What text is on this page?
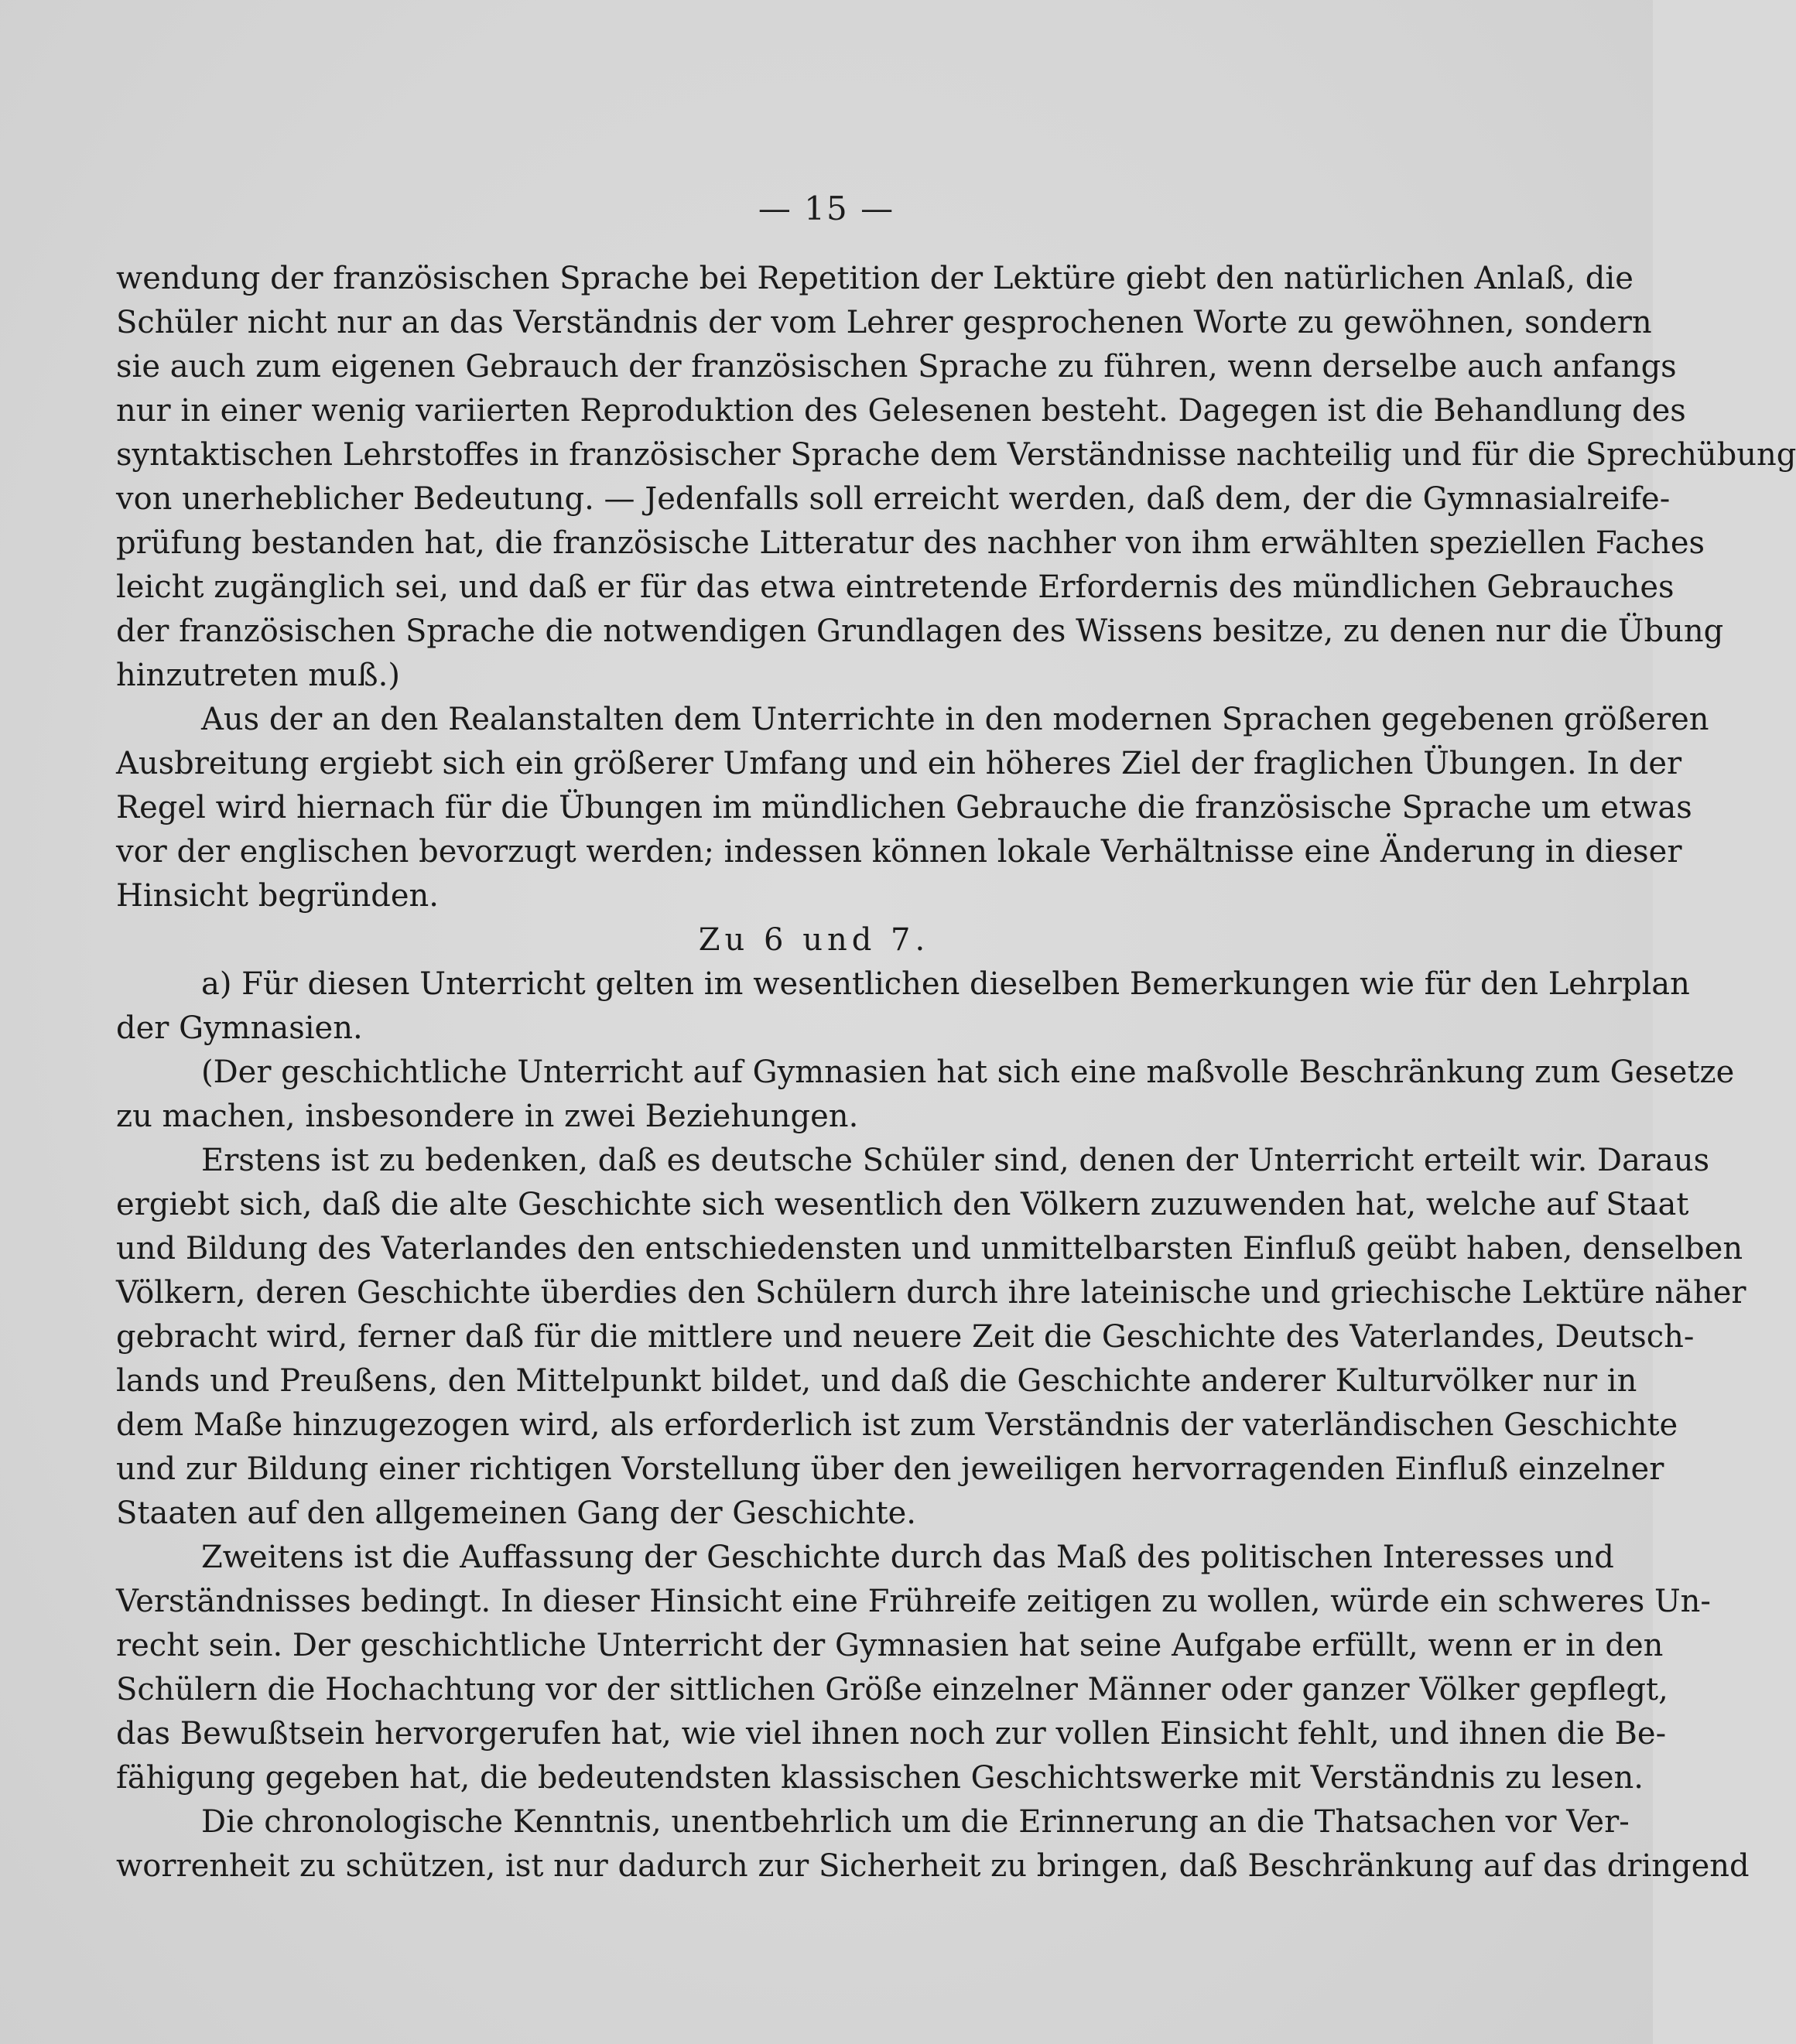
— 15 —

wendung der französischen Sprache bei Repetition der Lektüre giebt den natürlichen Anlaß, die
Schüler nicht nur an das Verständnis der vom Lehrer gesprochenen Worte zu gewöhnen, sondern
sie auch zum eigenen Gebrauch der französischen Sprache zu führen, wenn derselbe auch anfangs
nur in einer wenig variierten Reproduktion des Gelesenen besteht. Dagegen ist die Behandlung des
syntaktischen Lehrstoffes in französischer Sprache dem Verständnisse nachteilig und für die Sprechübung
von unerheblicher Bedeutung. — Jedenfalls soll erreicht werden, daß dem, der die Gymnasialreife-
prüfung bestanden hat, die französische Litteratur des nachher von ihm erwählten speziellen Faches
leicht zugänglich sei, und daß er für das etwa eintretende Erfordernis des mündlichen Gebrauches
der französischen Sprache die notwendigen Grundlagen des Wissens besitze, zu denen nur die Übung
hinzutreten muß.)

Aus der an den Realanstalten dem Unterrichte in den modernen Sprachen gegebenen größeren
Ausbreitung ergiebt sich ein größerer Umfang und ein höheres Ziel der fraglichen Übungen. In der
Regel wird hiernach für die Übungen im mündlichen Gebrauche die französische Sprache um etwas
vor der englischen bevorzugt werden; indessen können lokale Verhältnisse eine Änderung in dieser
Hinsicht begründen.

Zu 6 und 7.

a) Für diesen Unterricht gelten im wesentlichen dieselben Bemerkungen wie für den Lehrplan
der Gymnasien.

(Der geschichtliche Unterricht auf Gymnasien hat sich eine maßvolle Beschränkung zum Gesetze
zu machen, insbesondere in zwei Beziehungen.

Erstens ist zu bedenken, daß es deutsche Schüler sind, denen der Unterricht erteilt wir. Daraus
ergiebt sich, daß die alte Geschichte sich wesentlich den Völkern zuzuwenden hat, welche auf Staat
und Bildung des Vaterlandes den entschiedensten und unmittelbarsten Einfluß geübt haben, denselben
Völkern, deren Geschichte überdies den Schülern durch ihre lateinische und griechische Lektüre näher
gebracht wird, ferner daß für die mittlere und neuere Zeit die Geschichte des Vaterlandes, Deutsch-
lands und Preußens, den Mittelpunkt bildet, und daß die Geschichte anderer Kulturvölker nur in
dem Maße hinzugezogen wird, als erforderlich ist zum Verständnis der vaterländischen Geschichte
und zur Bildung einer richtigen Vorstellung über den jeweiligen hervorragenden Einfluß einzelner
Staaten auf den allgemeinen Gang der Geschichte.

Zweitens ist die Auffassung der Geschichte durch das Maß des politischen Interesses und
Verständnisses bedingt. In dieser Hinsicht eine Frühreife zeitigen zu wollen, würde ein schweres Un-
recht sein. Der geschichtliche Unterricht der Gymnasien hat seine Aufgabe erfüllt, wenn er in den
Schülern die Hochachtung vor der sittlichen Größe einzelner Männer oder ganzer Völker gepflegt,
das Bewußtsein hervorgerufen hat, wie viel ihnen noch zur vollen Einsicht fehlt, und ihnen die Be-
fähigung gegeben hat, die bedeutendsten klassischen Geschichtswerke mit Verständnis zu lesen.

Die chronologische Kenntnis, unentbehrlich um die Erinnerung an die Thatsachen vor Ver-
worrenheit zu schützen, ist nur dadurch zur Sicherheit zu bringen, daß Beschränkung auf das dringend
